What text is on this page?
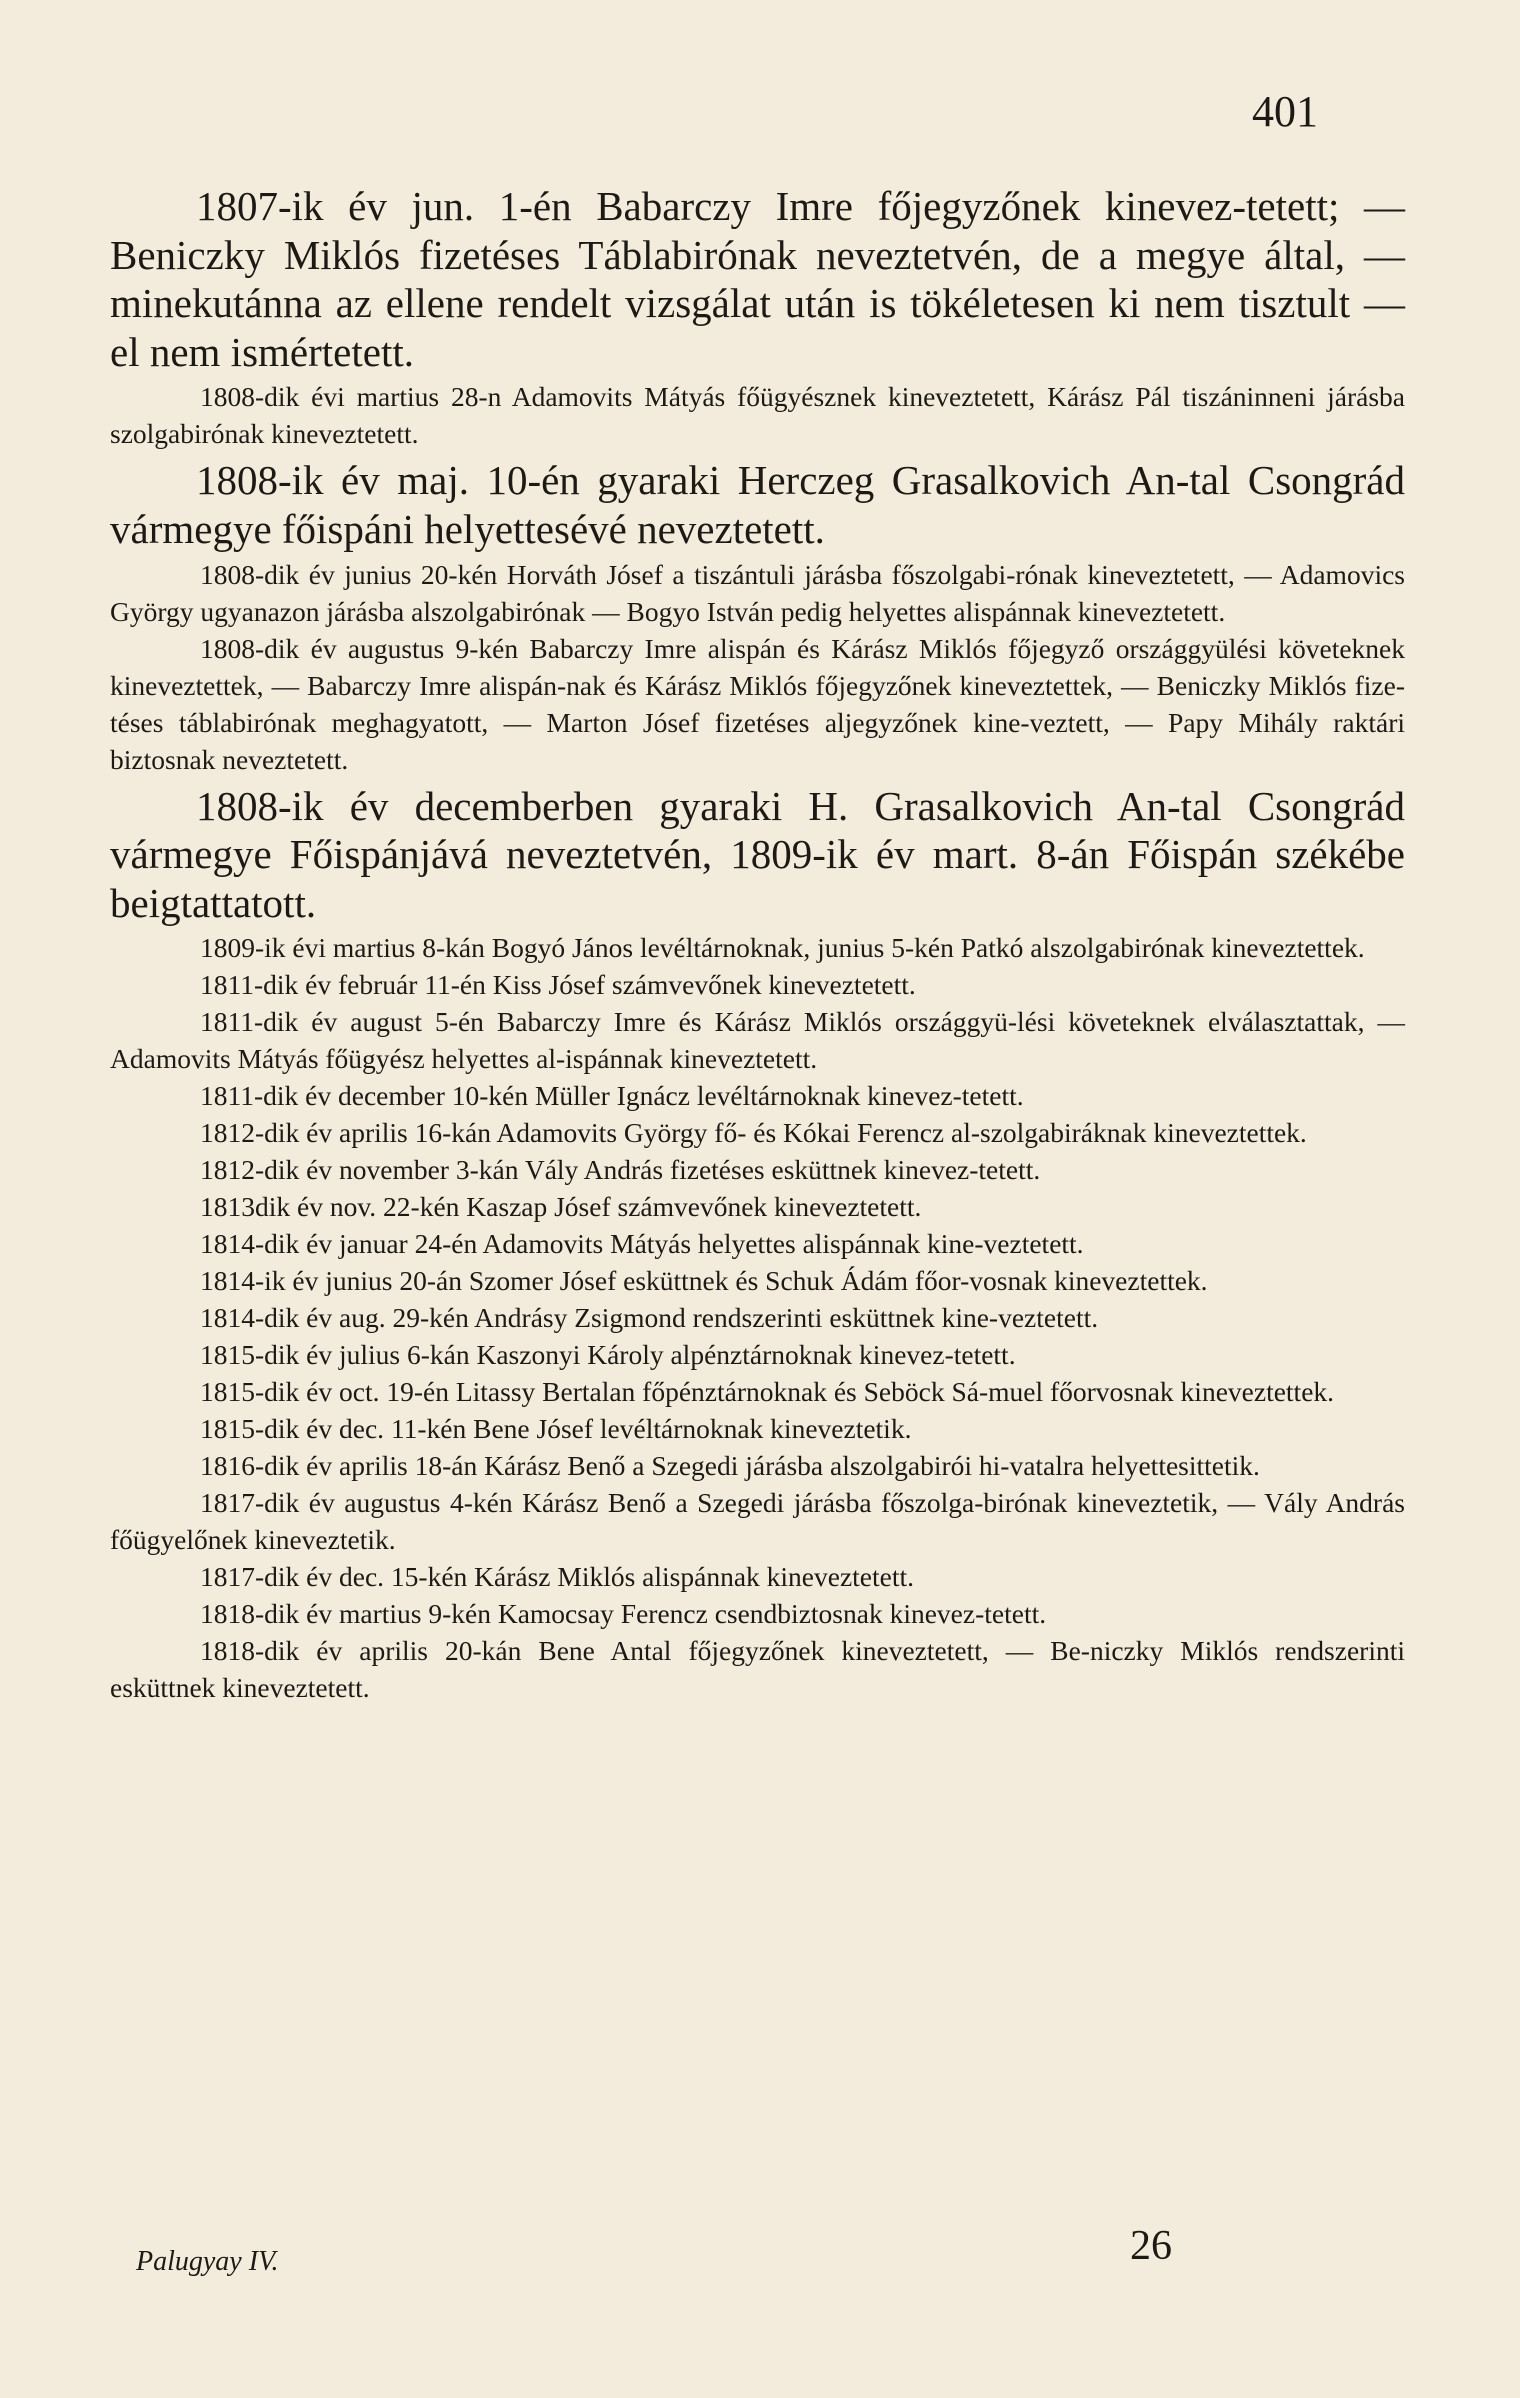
401

1807-ik év jun. 1-én Babarczy Imre főjegyzőnek kinevez-tetett; — Beniczky Miklós fizetéses Táblabirónak neveztetvén, de a megye által, — minekutánna az ellene rendelt vizsgálat után is tökéletesen ki nem tisztult — el nem ismértetett.

1808-dik évi martius 28-n Adamovits Mátyás főügyésznek kineveztetett, Kárász Pál tiszáninneni járásba szolgabirónak kineveztetett.

1808-ik év maj. 10-én gyaraki Herczeg Grasalkovich An-tal Csongrád vármegye főispáni helyettesévé neveztetett.

1808-dik év junius 20-kén Horváth Jósef a tiszántuli járásba főszolgabi-rónak kineveztetett, — Adamovics György ugyanazon járásba alszolgabirónak — Bogyo István pedig helyettes alispánnak kineveztetett.

1808-dik év augustus 9-kén Babarczy Imre alispán és Kárász Miklós főjegyző országgyülési követeknek kineveztettek, — Babarczy Imre alispán-nak és Kárász Miklós főjegyzőnek kineveztettek, — Beniczky Miklós fize-téses táblabirónak meghagyatott, — Marton Jósef fizetéses aljegyzőnek kine-veztett, — Papy Mihály raktári biztosnak neveztetett.

1808-ik év decemberben gyaraki H. Grasalkovich An-tal Csongrád vármegye Főispánjává neveztetvén, 1809-ik év mart. 8-án Főispán székébe beigtattatott.

1809-ik évi martius 8-kán Bogyó János levéltárnoknak, junius 5-kén Patkó alszolgabirónak kineveztettek.

1811-dik év február 11-én Kiss Jósef számvevőnek kineveztetett.

1811-dik év august 5-én Babarczy Imre és Kárász Miklós országgyü-lési követeknek elválasztattak, — Adamovits Mátyás főügyész helyettes al-ispánnak kineveztetett.

1811-dik év december 10-kén Müller Ignácz levéltárnoknak kinevez-tetett.

1812-dik év aprilis 16-kán Adamovits György fő- és Kókai Ferencz al-szolgabiráknak kineveztettek.

1812-dik év november 3-kán Vály András fizetéses esküttnek kinevez-tetett.

1813dik év nov. 22-kén Kaszap Jósef számvevőnek kineveztetett.

1814-dik év januar 24-én Adamovits Mátyás helyettes alispánnak kine-veztetett.

1814-ik év junius 20-án Szomer Jósef esküttnek és Schuk Ádám főor-vosnak kineveztettek.

1814-dik év aug. 29-kén Andrásy Zsigmond rendszerinti esküttnek kine-veztetett.

1815-dik év julius 6-kán Kaszonyi Károly alpénztárnoknak kinevez-tetett.

1815-dik év oct. 19-én Litassy Bertalan főpénztárnoknak és Seböck Sá-muel főorvosnak kineveztettek.

1815-dik év dec. 11-kén Bene Jósef levéltárnoknak kineveztetik.

1816-dik év aprilis 18-án Kárász Benő a Szegedi járásba alszolgabirói hi-vatalra helyettesittetik.

1817-dik év augustus 4-kén Kárász Benő a Szegedi járásba főszolga-birónak kineveztetik, — Vály András főügyelőnek kineveztetik.

1817-dik év dec. 15-kén Kárász Miklós alispánnak kineveztetett.

1818-dik év martius 9-kén Kamocsay Ferencz csendbiztosnak kinevez-tetett.

1818-dik év aprilis 20-kán Bene Antal főjegyzőnek kineveztetett, — Be-niczky Miklós rendszerinti esküttnek kineveztetett.

Palugyay IV.	26
